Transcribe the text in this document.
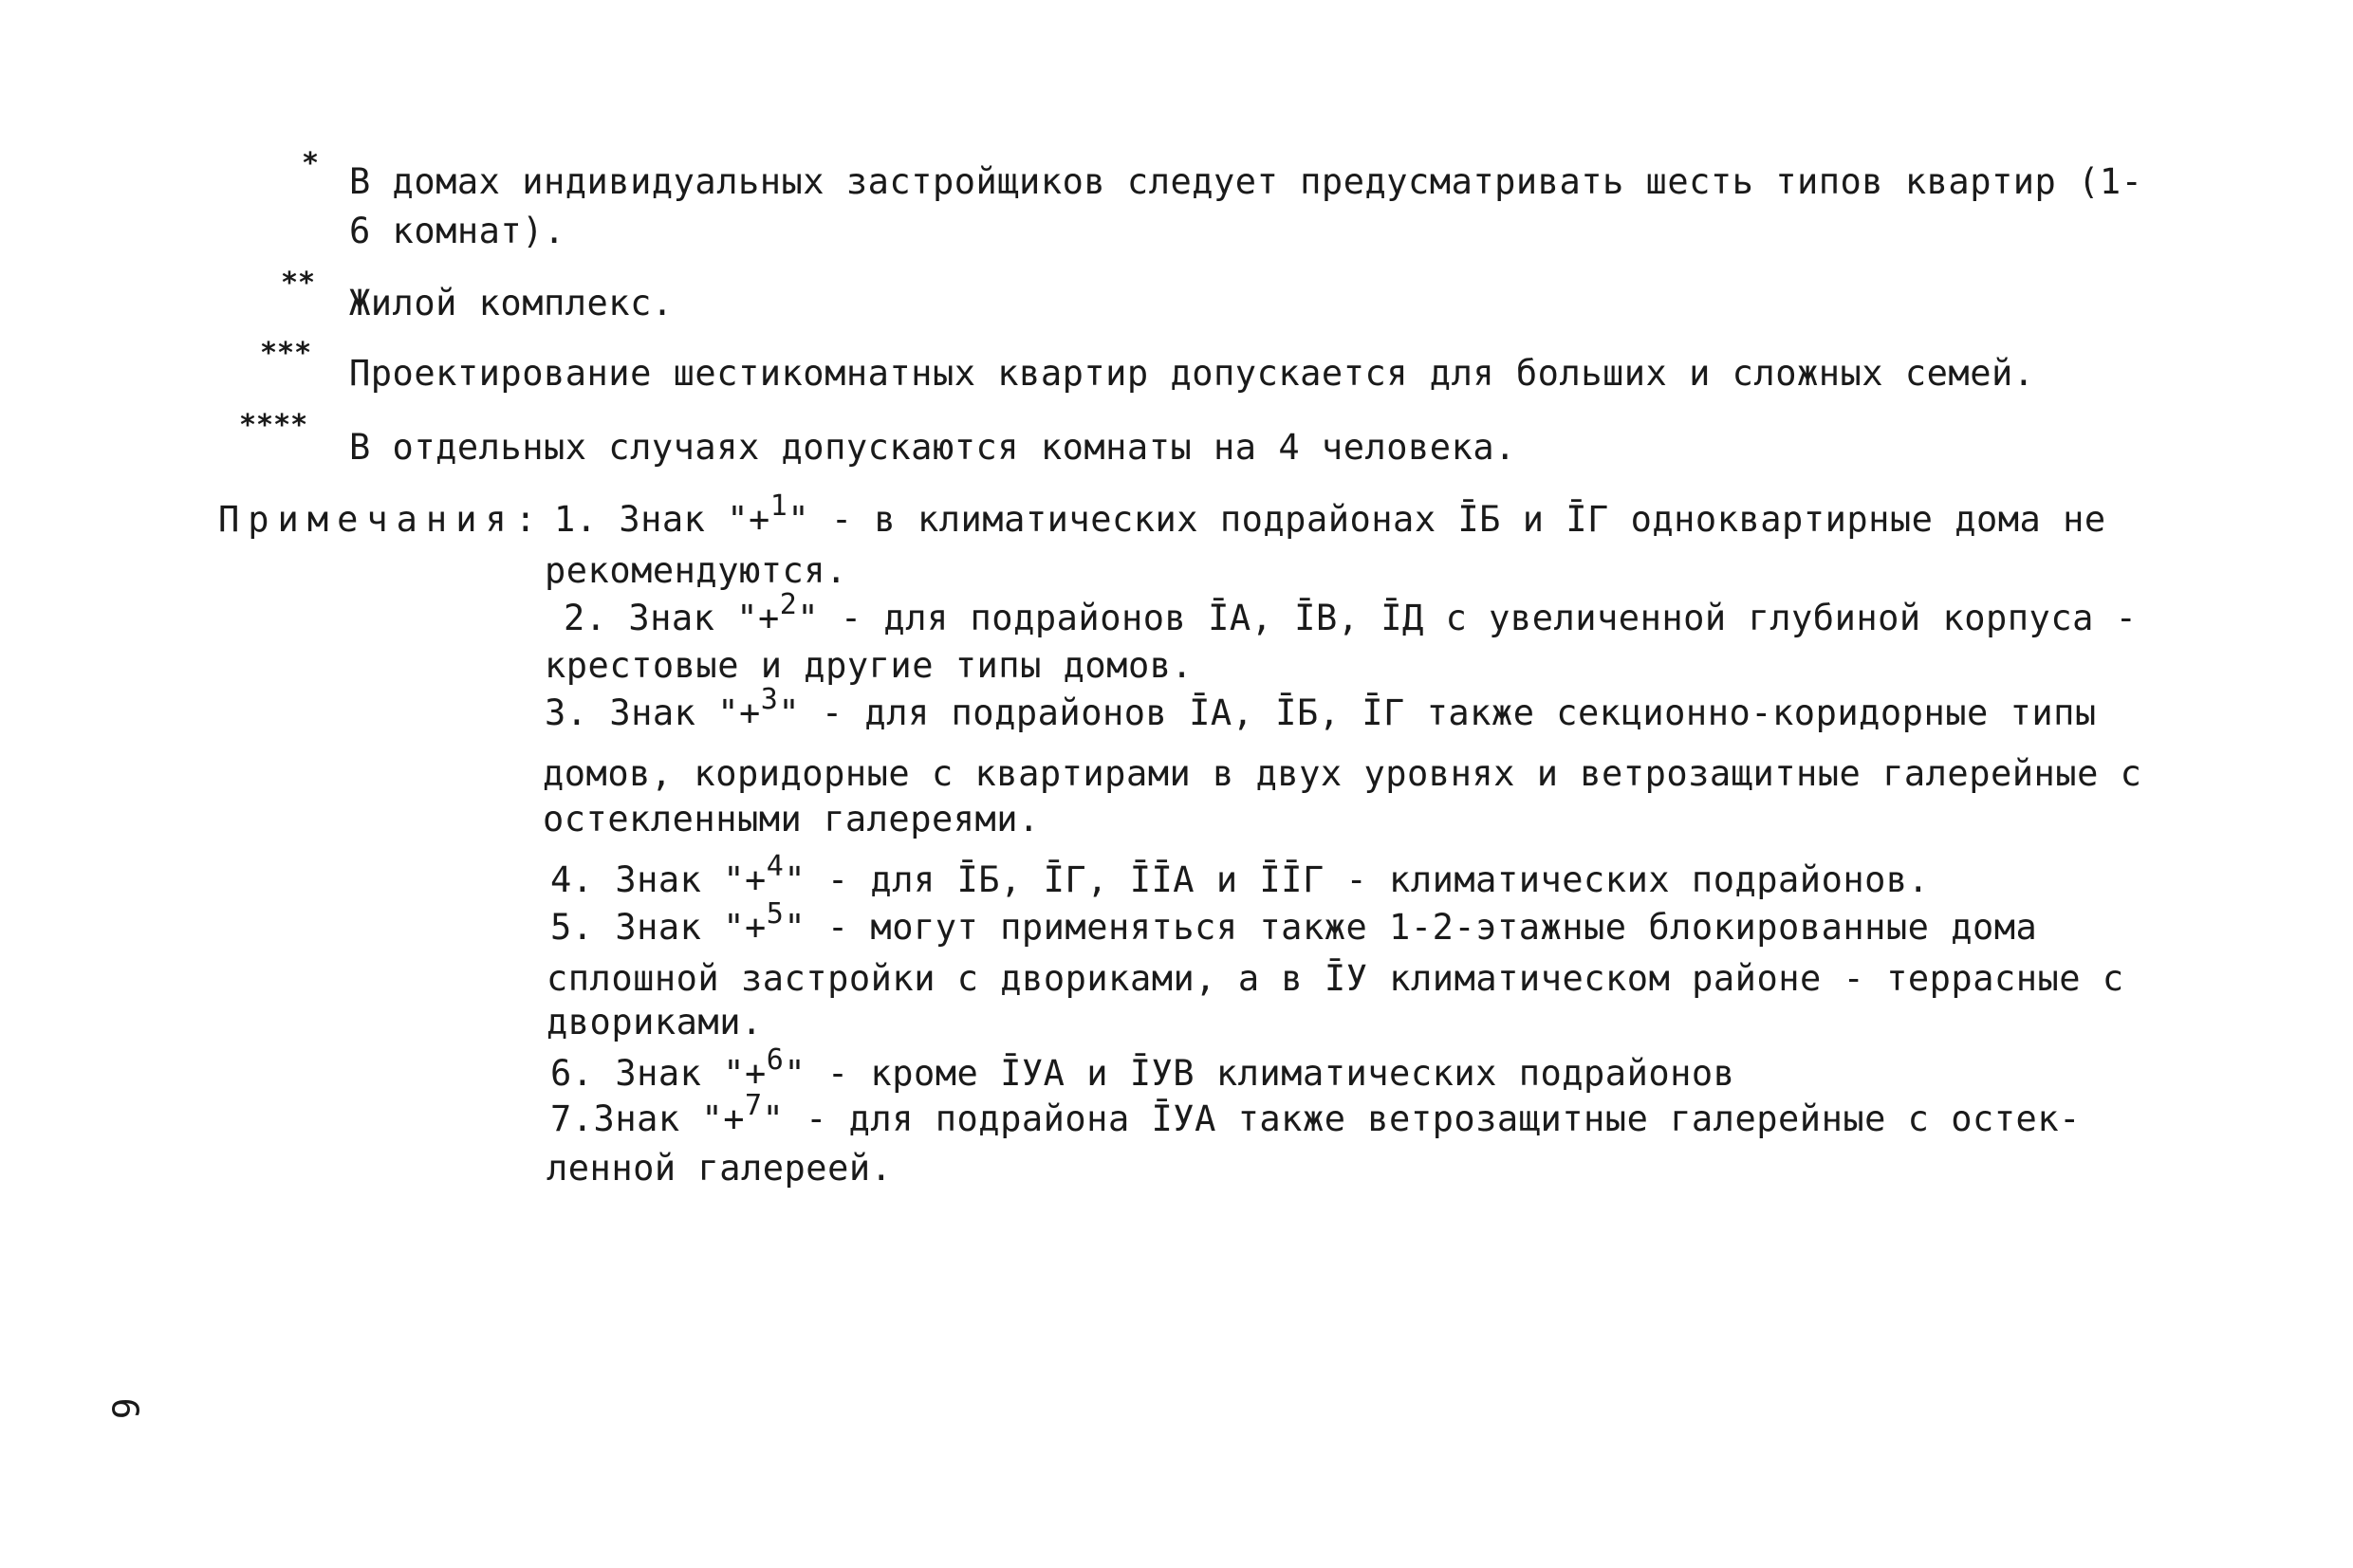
* В домах индивидуальных застройщиков следует предусматривать шесть типов квартир (1-
6 комнат).
** Жилой комплекс.
*** Проектирование шестикомнатных квартир допускается для больших и сложных семей.
****
В отдельных случаях допускаются комнаты на 4 человека.
Примечания: 1. Знак "+$^1$" - в климатических подрайонах ĪБ и ĪГ одноквартирные дома не
рекомендуются.
2. Знак "+$^2$" - для подрайонов ĪА, ĪВ, ĪД с увеличенной глубиной корпуса -
крестовые и другие типы домов.
3. Знак "+$^3$" - для подрайонов ĪА, ĪБ, ĪГ также секционно-коридорные типы
домов, коридорные с квартирами в двух уровнях и ветрозащитные галерейные с
остекленными галереями.
4. Знак "+$^4$" - для ĪБ, ĪГ, ĪĪА и ĪĪГ - климатических подрайонов.
5. Знак "+$^5$" - могут применяться также 1-2-этажные блокированные дома
сплошной застройки с двориками, а в ĪУ климатическом районе - террасные с
двориками.
6. Знак "+$^6$" - кроме ĪУА и ĪУВ климатических подрайонов
7.Знак "+$^7$" - для подрайона ĪУА также ветрозащитные галерейные с остек-
ленной галереей.
6
